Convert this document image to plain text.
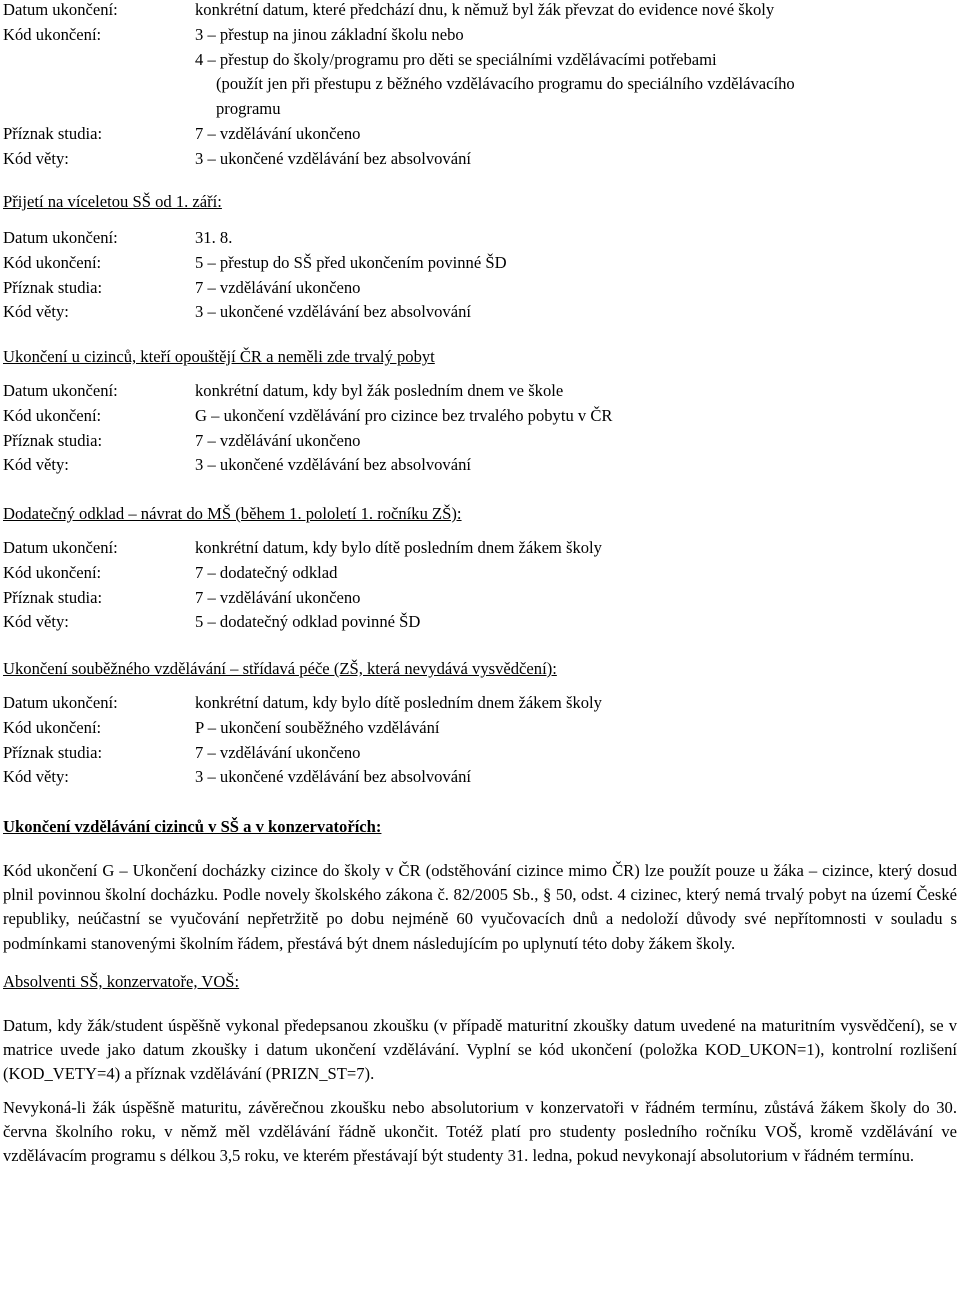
Datum ukončení:	konkrétní datum, které předchází dnu, k němuž byl žák převzat do evidence nové školy
Kód ukončení:	3 – přestup na jinou základní školu nebo
4 – přestup do školy/programu pro děti se speciálními vzdělávacími potřebami
(použít jen při přestupu z běžného vzdělávacího programu do speciálního vzdělávacího
programu
Příznak studia:	7 – vzdělávání ukončeno
Kód věty:	3 – ukončené vzdělávání bez absolvování
Přijetí na víceletou SŠ od 1. září:
Datum ukončení:	31. 8.
Kód ukončení:	5 – přestup do SŠ před ukončením povinné ŠD
Příznak studia:	7 – vzdělávání ukončeno
Kód věty:	3 – ukončené vzdělávání bez absolvování
Ukončení u cizinců, kteří opouštějí ČR a neměli zde trvalý pobyt
Datum ukončení:	konkrétní datum, kdy byl žák posledním dnem ve škole
Kód ukončení:	G – ukončení vzdělávání pro cizince bez trvalého pobytu v ČR
Příznak studia:	7 – vzdělávání ukončeno
Kód věty:	3 – ukončené vzdělávání bez absolvování
Dodatečný odklad – návrat do MŠ (během 1. pololetí 1. ročníku ZŠ):
Datum ukončení:	konkrétní datum, kdy bylo dítě posledním dnem žákem školy
Kód ukončení:	7 – dodatečný odklad
Příznak studia:	7 – vzdělávání ukončeno
Kód věty:	5 – dodatečný odklad povinné ŠD
Ukončení souběžného vzdělávání – střídavá péče (ZŠ, která nevydává vysvědčení):
Datum ukončení:	konkrétní datum, kdy bylo dítě posledním dnem žákem školy
Kód ukončení:	P – ukončení souběžného vzdělávání
Příznak studia:	7 – vzdělávání ukončeno
Kód věty:	3 – ukončené vzdělávání bez absolvování
Ukončení vzdělávání cizinců v SŠ a v konzervatořích:

Kód ukončení G – Ukončení docházky cizince do školy v ČR (odstěhování cizince mimo ČR) lze použít pouze u žáka – cizince, který dosud plnil povinnou školní docházku. Podle novely školského zákona č. 82/2005 Sb., § 50, odst. 4 cizinec, který nemá trvalý pobyt na území České republiky, neúčastní se vyučování nepřetržitě po dobu nejméně 60 vyučovacích dnů a nedoloží důvody své nepřítomnosti v souladu s podmínkami stanovenými školním řádem, přestává být dnem následujícím po uplynutí této doby žákem školy.

Absolventi SŠ, konzervatoře, VOŠ:

Datum, kdy žák/student úspěšně vykonal předepsanou zkoušku (v případě maturitní zkoušky datum uvedené na maturitním vysvědčení), se v matrice uvede jako datum zkoušky i datum ukončení vzdělávání. Vyplní se kód ukončení (položka KOD_UKON=1), kontrolní rozlišení (KOD_VETY=4) a příznak vzdělávání (PRIZN_ST=7).

Nevykoná-li žák úspěšně maturitu, závěrečnou zkoušku nebo absolutorium v konzervatoři v řádném termínu, zůstává žákem školy do 30. června školního roku, v němž měl vzdělávání řádně ukončit. Totéž platí pro studenty posledního ročníku VOŠ, kromě vzdělávání ve vzdělávacím programu s délkou 3,5 roku, ve kterém přestávají být studenty 31. ledna, pokud nevykonají absolutorium v řádném termínu.
